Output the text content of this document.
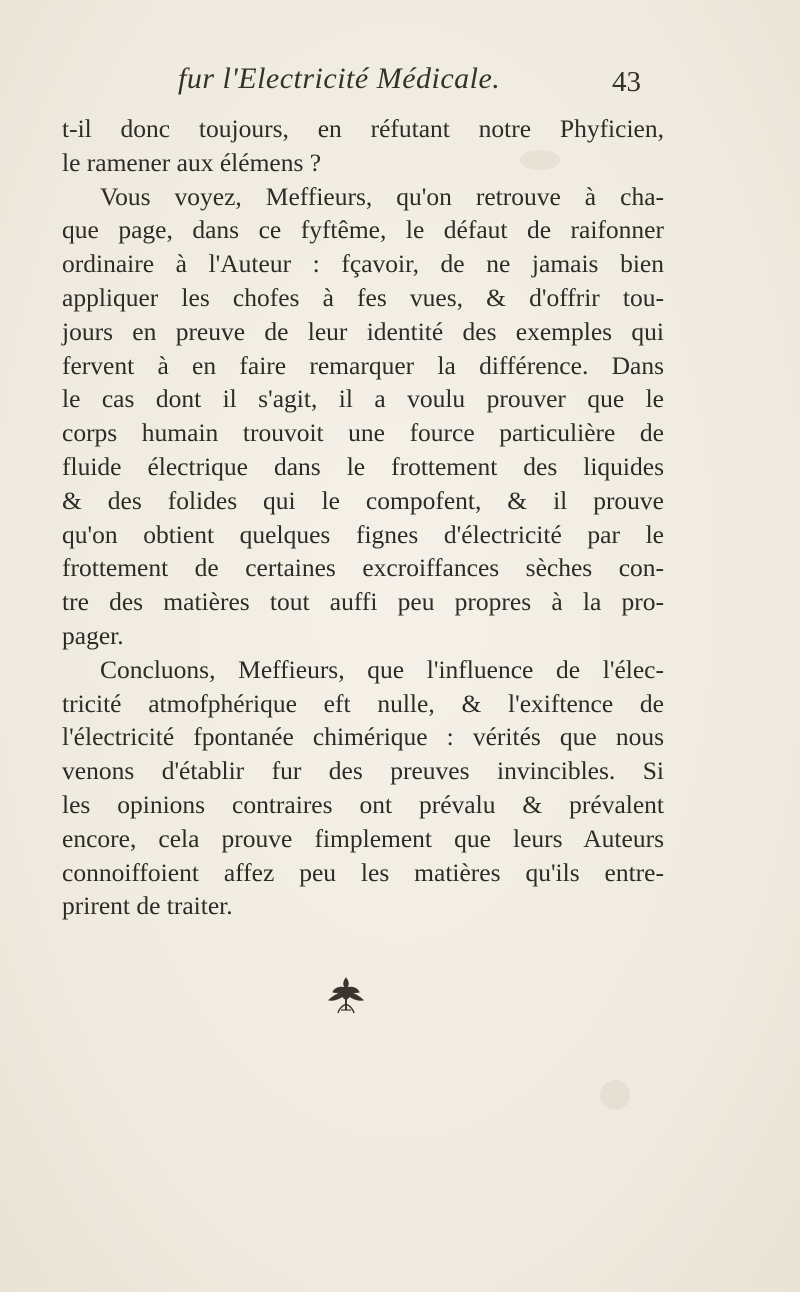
fur l'Electricité Médicale.	43
t-il donc toujours, en réfutant notre Phyficien,
le ramener aux élémens ?
Vous voyez, Meffieurs, qu'on retrouve à cha-
que page, dans ce fyftême, le défaut de raifonner
ordinaire à l'Auteur : fçavoir, de ne jamais bien
appliquer les chofes à fes vues, & d'offrir tou-
jours en preuve de leur identité des exemples qui
fervent à en faire remarquer la différence. Dans
le cas dont il s'agit, il a voulu prouver que le
corps humain trouvoit une fource particulière de
fluide électrique dans le frottement des liquides
& des folides qui le compofent, & il prouve
qu'on obtient quelques fignes d'électricité par le
frottement de certaines excroiffances sèches con-
tre des matières tout auffi peu propres à la pro-
pager.
Concluons, Meffieurs, que l'influence de l'élec-
tricité atmofphérique eft nulle, & l'exiftence de
l'électricité fpontanée chimérique : vérités que nous
venons d'établir fur des preuves invincibles. Si
les opinions contraires ont prévalu & prévalent
encore, cela prouve fimplement que leurs Auteurs
connoiffoient affez peu les matières qu'ils entre-
prirent de traiter.
